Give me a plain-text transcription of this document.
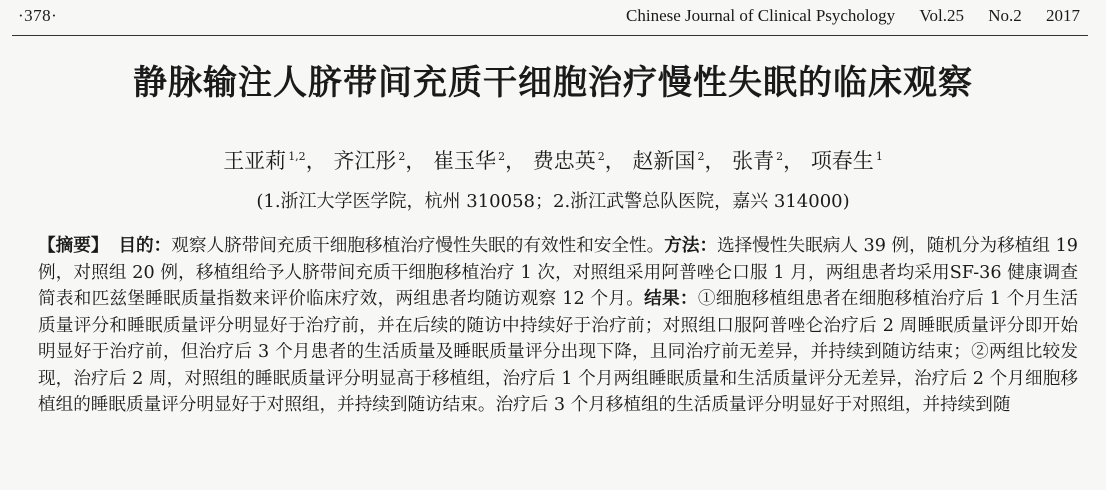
·378·	Chinese Journal of Clinical Psychology Vol.25 No.2 2017
静脉输注人脐带间充质干细胞治疗慢性失眠的临床观察
王亚莉 $^{1,2}$， 齐江彤 $^2$， 崔玉华 $^2$， 费忠英 $^2$， 赵新国 $^2$， 张青 $^2$， 项春生 $^1$
(1.浙江大学医学院，杭州 310058；2.浙江武警总队医院，嘉兴 314000)

【摘要】 目的：观察人脐带间充质干细胞移植治疗慢性失眠的有效性和安全性。方法：选择慢性失眠病人 39 例，随机分为移植组 19 例，对照组 20 例，移植组给予人脐带间充质干细胞移植治疗 1 次，对照组采用阿普唑仑口服 1 月，两组患者均采用SF-36 健康调查简表和匹兹堡睡眠质量指数来评价临床疗效，两组患者均随访观察 12 个月。结果：①细胞移植组患者在细胞移植治疗后 1 个月生活质量评分和睡眠质量评分明显好于治疗前，并在后续的随访中持续好于治疗前；对照组口服阿普唑仑治疗后 2 周睡眠质量评分即开始明显好于治疗前，但治疗后 3 个月患者的生活质量及睡眠质量评分出现下降，且同治疗前无差异，并持续到随访结束；②两组比较发现，治疗后 2 周，对照组的睡眠质量评分明显高于移植组，治疗后 1 个月两组睡眠质量和生活质量评分无差异，治疗后 2 个月细胞移植组的睡眠质量评分明显好于对照组，并持续到随访结束。治疗后 3 个月移植组的生活质量评分明显好于对照组，并持续到随
